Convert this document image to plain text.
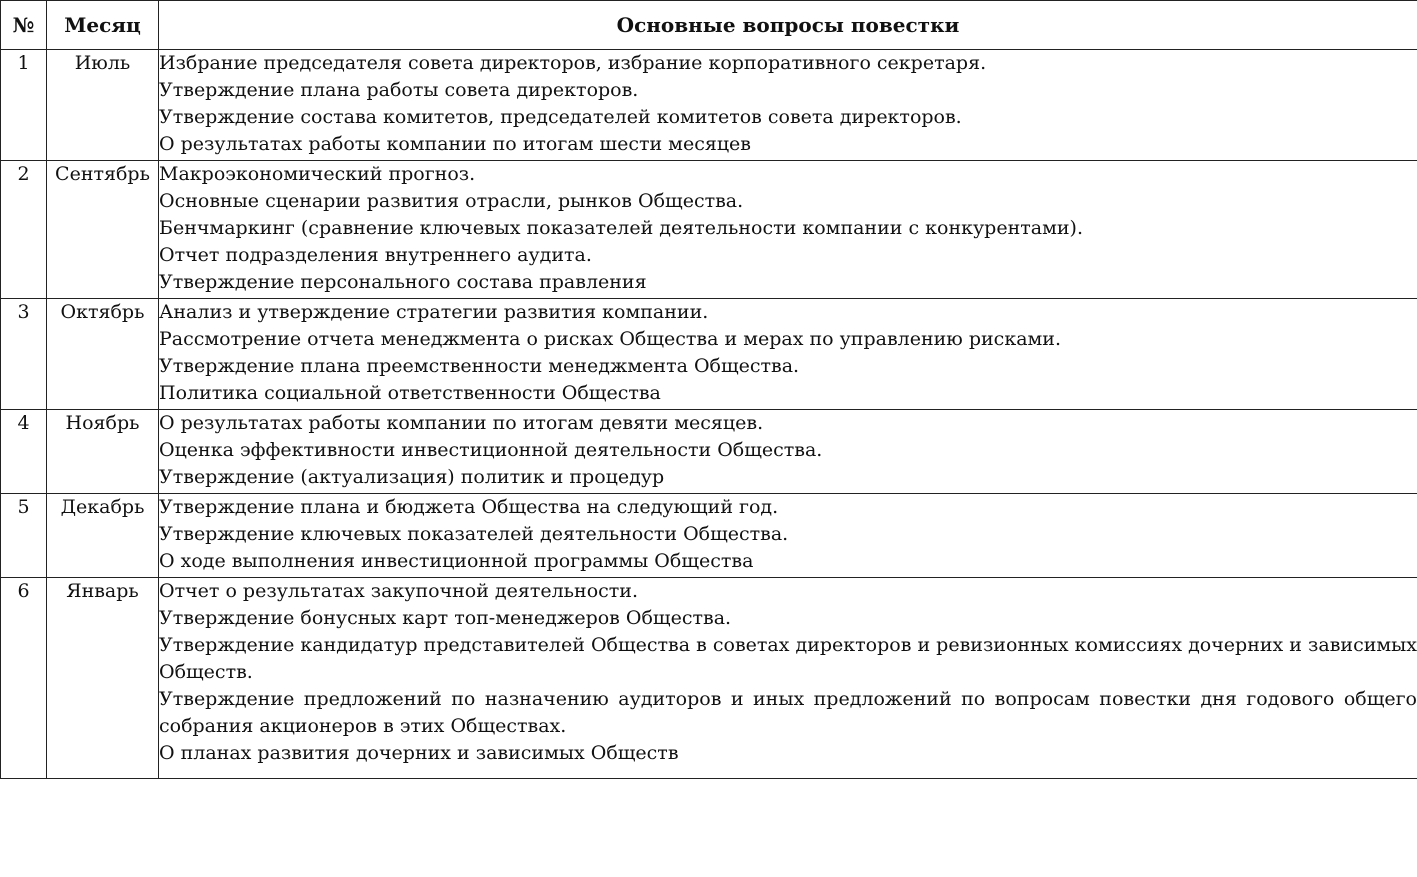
№	Месяц	Основные вопросы повестки
1	Июль	Избрание председателя совета директоров, избрание корпоративного секретаря.
Утверждение плана работы совета директоров.
Утверждение состава комитетов, председателей комитетов совета директоров.
О результатах работы компании по итогам шести месяцев

2	Сентябрь	Макроэкономический прогноз.
Основные сценарии развития отрасли, рынков Общества.
Бенчмаркинг (сравнение ключевых показателей деятельности компании с конкурентами).
Отчет подразделения внутреннего аудита.
Утверждение персонального состава правления

3	Октябрь	Анализ и утверждение стратегии развития компании.
Рассмотрение отчета менеджмента о рисках Общества и мерах по управлению рисками.
Утверждение плана преемственности менеджмента Общества.
Политика социальной ответственности Общества

4	Ноябрь	О результатах работы компании по итогам девяти месяцев.
Оценка эффективности инвестиционной деятельности Общества.
Утверждение (актуализация) политик и процедур

5	Декабрь	Утверждение плана и бюджета Общества на следующий год.
Утверждение ключевых показателей деятельности Общества.
О ходе выполнения инвестиционной программы Общества

6	Январь	Отчет о результатах закупочной деятельности.
Утверждение бонусных карт топ-менеджеров Общества.
Утверждение кандидатур представителей Общества в советах директоров и ревизионных комиссиях дочерних и зависимых Обществ.
Утверждение предложений по назначению аудиторов и иных предложений по вопросам повестки дня годового общего собрания акционеров в этих Обществах.
О планах развития дочерних и зависимых Обществ
